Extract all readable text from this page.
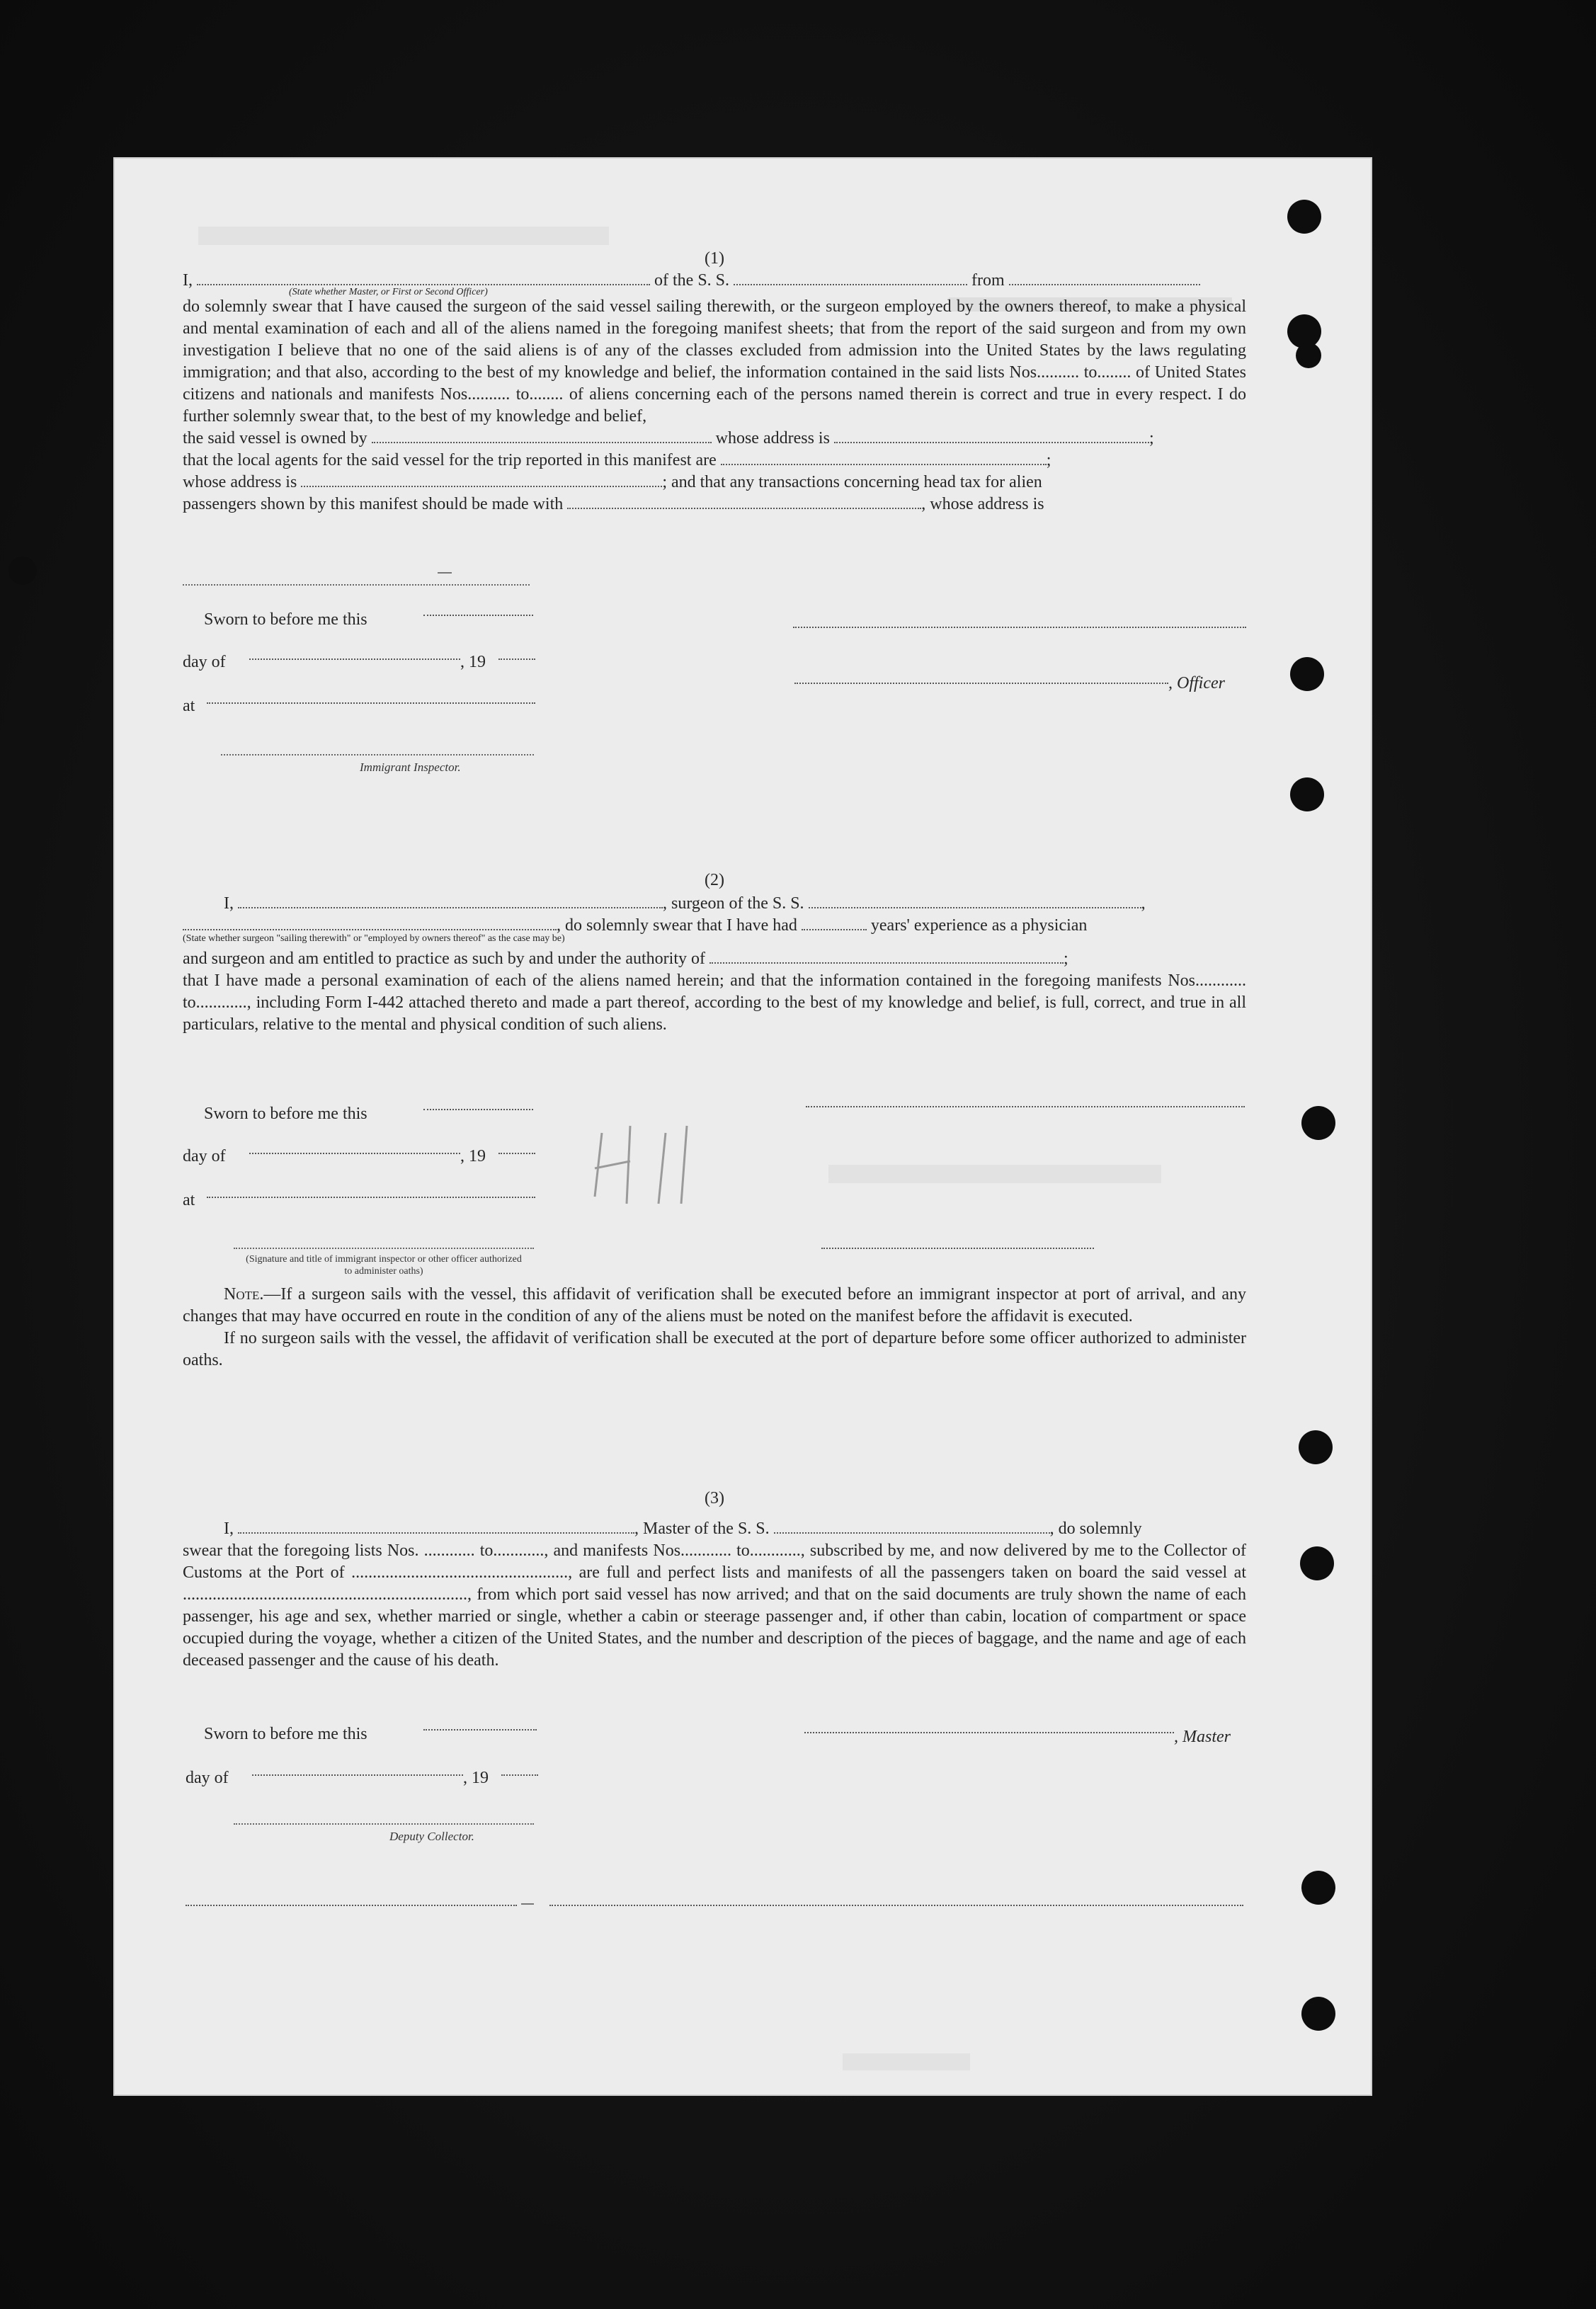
(1)
I,	of the S. S.	from
(State whether Master, or First or Second Officer)

do solemnly swear that I have caused the surgeon of the said vessel sailing therewith, or the surgeon employed by the owners thereof, to make a physical and mental examination of each and all of the aliens named in the foregoing manifest sheets; that from the report of the said surgeon and from my own investigation I believe that no one of the said aliens is of any of the classes excluded from admission into the United States by the laws regulating immigration; and that also, according to the best of my knowledge and belief, the information contained in the said lists Nos.......... to........ of United States citizens and nationals and manifests Nos.......... to........ of aliens concerning each of the persons named therein is correct and true in every respect. I do further solemnly swear that, to the best of my knowledge and belief,

the said vessel is owned by	whose address is	;
that the local agents for the said vessel for the trip reported in this manifest are	;
whose address is	; and that any transactions concerning head tax for alien
passengers shown by this manifest should be made with	, whose address is
Sworn to before me this
day of	, 19
, Officer
at
Immigrant Inspector.
(2)
I,	, surgeon of the S. S.	,
, do solemnly swear that I have had	years' experience as a physician
(State whether surgeon "sailing therewith" or "employed by owners thereof" as the case may be)
and surgeon and am entitled to practice as such by and under the authority of	;

that I have made a personal examination of each of the aliens named herein; and that the information contained in the foregoing manifests Nos............ to............, including Form I-442 attached thereto and made a part thereof, according to the best of my knowledge and belief, is full, correct, and true in all particulars, relative to the mental and physical condition of such aliens.

Sworn to before me this
day of	, 19
at
(Signature and title of immigrant inspector or other officer authorized to administer oaths)

Note.—If a surgeon sails with the vessel, this affidavit of verification shall be executed before an immigrant inspector at port of arrival, and any changes that may have occurred en route in the condition of any of the aliens must be noted on the manifest before the affidavit is executed.

If no surgeon sails with the vessel, the affidavit of verification shall be executed at the port of departure before some officer authorized to administer oaths.

(3)
I,	, Master of the S. S.	, do solemnly

swear that the foregoing lists Nos. ............ to............, and manifests Nos............ to............, subscribed by me, and now delivered by me to the Collector of Customs at the Port of ..................................................., are full and perfect lists and manifests of all the passengers taken on board the said vessel at ..................................................................., from which port said vessel has now arrived; and that on the said documents are truly shown the name of each passenger, his age and sex, whether married or single, whether a cabin or steerage passenger and, if other than cabin, location of compartment or space occupied during the voyage, whether a citizen of the United States, and the number and description of the pieces of baggage, and the name and age of each deceased passenger and the cause of his death.

Sworn to before me this	, Master
day of	, 19
Deputy Collector.
